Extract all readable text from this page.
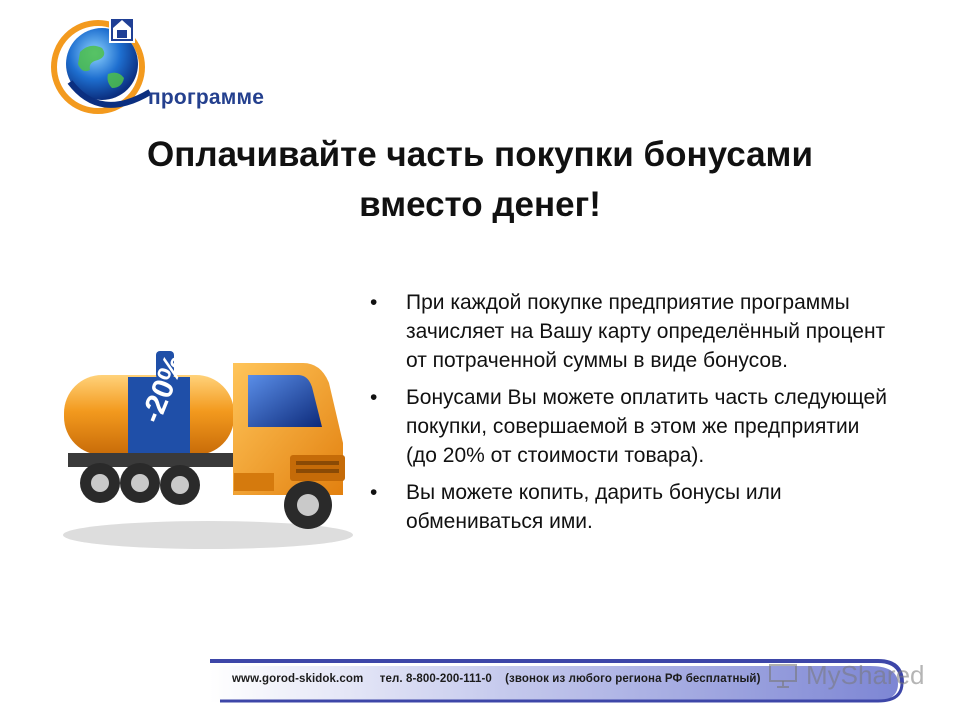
программе
Оплачивайте часть покупки бонусами
вместо денег!
-20%
• При каждой покупке предприятие программы зачисляет на Вашу карту определённый процент от потраченной суммы в виде бонусов.
• Бонусами Вы можете оплатить часть следующей покупки, совершаемой в этом же предприятии (до 20% от стоимости товара).
• Вы можете копить, дарить бонусы или обмениваться ими.
www.gorod-skidok.com тел. 8-800-200-111-0 (звонок из любого региона РФ бесплатный)	MyShared
